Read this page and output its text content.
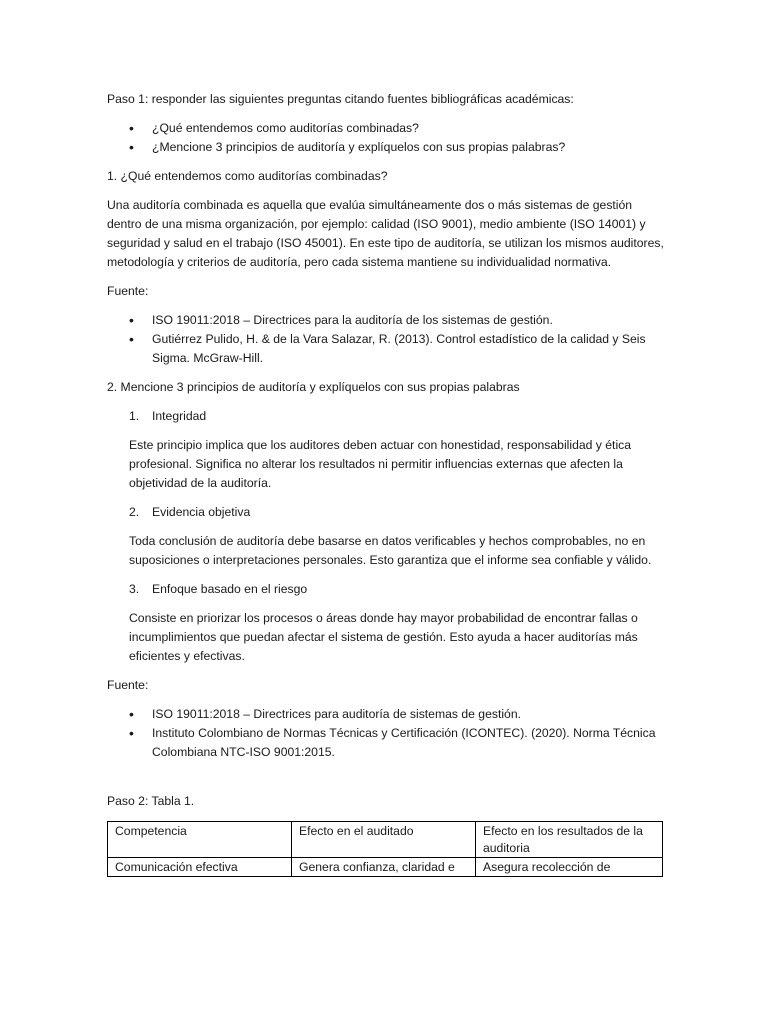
Paso 1: responder las siguientes preguntas citando fuentes bibliográficas académicas:

• ¿Qué entendemos como auditorías combinadas?
• ¿Mencione 3 principios de auditoría y explíquelos con sus propias palabras?

1. ¿Qué entendemos como auditorías combinadas?

Una auditoría combinada es aquella que evalúa simultáneamente dos o más sistemas de gestión dentro de una misma organización, por ejemplo: calidad (ISO 9001), medio ambiente (ISO 14001) y seguridad y salud en el trabajo (ISO 45001). En este tipo de auditoría, se utilizan los mismos auditores, metodología y criterios de auditoría, pero cada sistema mantiene su individualidad normativa.

Fuente:

• ISO 19011:2018 – Directrices para la auditoría de los sistemas de gestión.
• Gutiérrez Pulido, H. & de la Vara Salazar, R. (2013). Control estadístico de la calidad y Seis Sigma. McGraw-Hill.

2. Mencione 3 principios de auditoría y explíquelos con sus propias palabras

1. Integridad

Este principio implica que los auditores deben actuar con honestidad, responsabilidad y ética profesional. Significa no alterar los resultados ni permitir influencias externas que afecten la objetividad de la auditoría.

2. Evidencia objetiva

Toda conclusión de auditoría debe basarse en datos verificables y hechos comprobables, no en suposiciones o interpretaciones personales. Esto garantiza que el informe sea confiable y válido.

3. Enfoque basado en el riesgo

Consiste en priorizar los procesos o áreas donde hay mayor probabilidad de encontrar fallas o incumplimientos que puedan afectar el sistema de gestión. Esto ayuda a hacer auditorías más eficientes y efectivas.

Fuente:

• ISO 19011:2018 – Directrices para auditoría de sistemas de gestión.
• Instituto Colombiano de Normas Técnicas y Certificación (ICONTEC). (2020). Norma Técnica Colombiana NTC-ISO 9001:2015.

Paso 2: Tabla 1.

Competencia	Efecto en el auditado	Efecto en los resultados de la auditoria
Comunicación efectiva	Genera confianza, claridad e	Asegura recolección de
